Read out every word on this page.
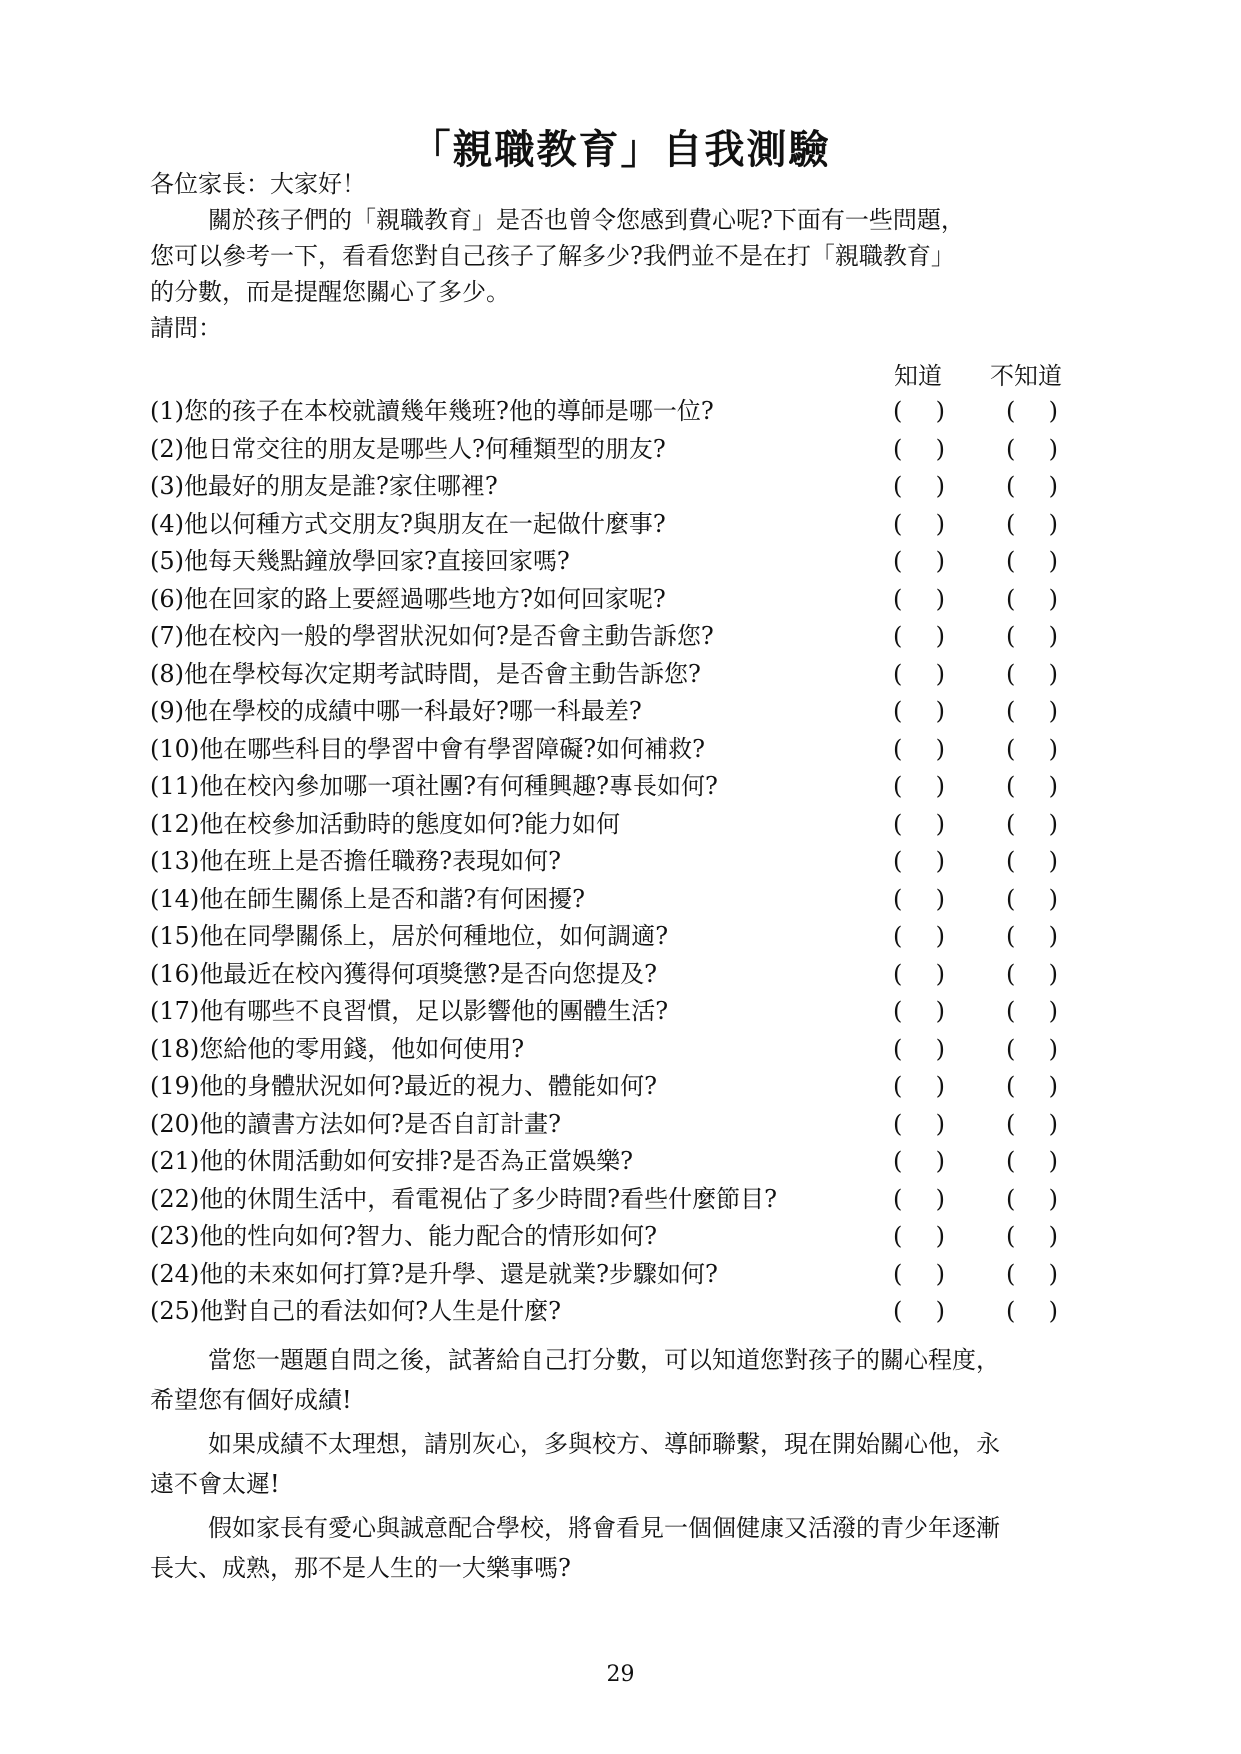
「親職教育」自我測驗
各位家長：大家好！
關於孩子們的「親職教育」是否也曾令您感到費心呢?下面有一些問題，
您可以參考一下，看看您對自己孩子了解多少?我們並不是在打「親職教育」
的分數，而是提醒您關心了多少。
請問：
知道 不知道
(1)您的孩子在本校就讀幾年幾班?他的導師是哪一位?	( )	( )
(2)他日常交往的朋友是哪些人?何種類型的朋友?	( )	( )
(3)他最好的朋友是誰?家住哪裡?	( )	( )
(4)他以何種方式交朋友?與朋友在一起做什麼事?	( )	( )
(5)他每天幾點鐘放學回家?直接回家嗎?	( )	( )
(6)他在回家的路上要經過哪些地方?如何回家呢?	( )	( )
(7)他在校內一般的學習狀況如何?是否會主動告訴您?	( )	( )
(8)他在學校每次定期考試時間，是否會主動告訴您?	( )	( )
(9)他在學校的成績中哪一科最好?哪一科最差?	( )	( )
(10)他在哪些科目的學習中會有學習障礙?如何補救?	( )	( )
(11)他在校內參加哪一項社團?有何種興趣?專長如何?	( )	( )
(12)他在校參加活動時的態度如何?能力如何	( )	( )
(13)他在班上是否擔任職務?表現如何?	( )	( )
(14)他在師生關係上是否和諧?有何困擾?	( )	( )
(15)他在同學關係上，居於何種地位，如何調適?	( )	( )
(16)他最近在校內獲得何項獎懲?是否向您提及?	( )	( )
(17)他有哪些不良習慣，足以影響他的團體生活?	( )	( )
(18)您給他的零用錢，他如何使用?	( )	( )
(19)他的身體狀況如何?最近的視力、體能如何?	( )	( )
(20)他的讀書方法如何?是否自訂計畫?	( )	( )
(21)他的休閒活動如何安排?是否為正當娛樂?	( )	( )
(22)他的休閒生活中，看電視佔了多少時間?看些什麼節目?	( )	( )
(23)他的性向如何?智力、能力配合的情形如何?	( )	( )
(24)他的未來如何打算?是升學、還是就業?步驟如何?	( )	( )
(25)他對自己的看法如何?人生是什麼?	( )	( )
當您一題題自問之後，試著給自己打分數，可以知道您對孩子的關心程度，
希望您有個好成績!
如果成績不太理想，請別灰心，多與校方、導師聯繫，現在開始關心他，永
遠不會太遲!
假如家長有愛心與誠意配合學校，將會看見一個個健康又活潑的青少年逐漸
長大、成熟，那不是人生的一大樂事嗎?
29
